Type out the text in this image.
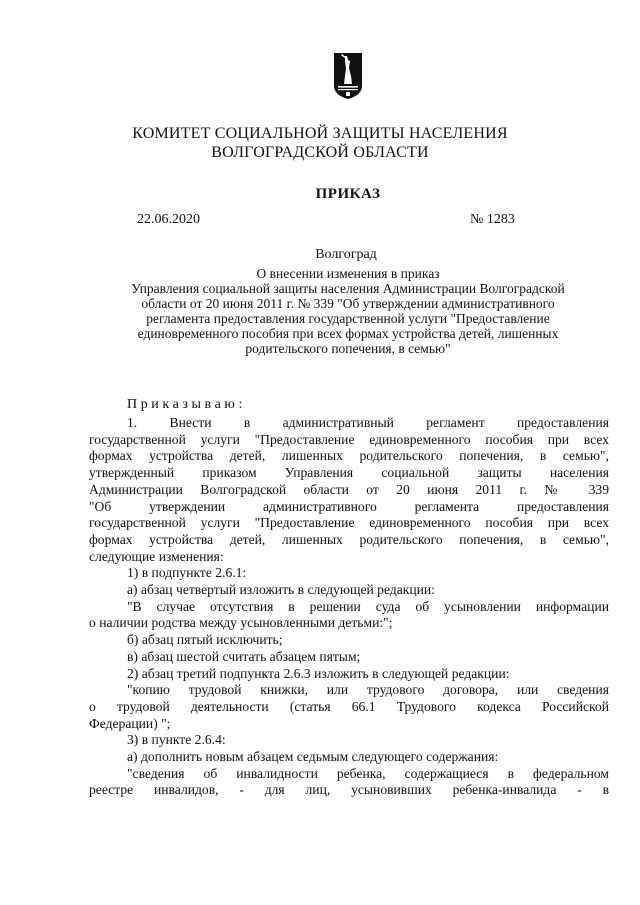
КОМИТЕТ СОЦИАЛЬНОЙ ЗАЩИТЫ НАСЕЛЕНИЯ
ВОЛГОГРАДСКОЙ ОБЛАСТИ
ПРИКАЗ
22.06.2020	№ 1283
Волгоград
О внесении изменения в приказ
Управления социальной защиты населения Администрации Волгоградской
области от 20 июня 2011 г. № 339 "Об утверждении административного
регламента предоставления государственной услуги "Предоставление
единовременного пособия при всех формах устройства детей, лишенных
родительского попечения, в семью"
Приказываю:
1. Внести в административный регламент предоставления
государственной услуги "Предоставление единовременного пособия при всех
формах устройства детей, лишенных родительского попечения, в семью",
утвержденный приказом Управления социальной защиты населения
Администрации Волгоградской области от 20 июня 2011 г. № 339
"Об утверждении административного регламента предоставления
государственной услуги "Предоставление единовременного пособия при всех
формах устройства детей, лишенных родительского попечения, в семью",
следующие изменения:
1) в подпункте 2.6.1:
а) абзац четвертый изложить в следующей редакции:
"В случае отсутствия в решении суда об усыновлении информации
о наличии родства между усыновленными детьми:";
б) абзац пятый исключить;
в) абзац шестой считать абзацем пятым;
2) абзац третий подпункта 2.6.3 изложить в следующей редакции:
"копию трудовой книжки, или трудового договора, или сведения
о трудовой деятельности (статья 66.1 Трудового кодекса Российской
Федерации) ";
3) в пункте 2.6.4:
а) дополнить новым абзацем седьмым следующего содержания:
"сведения об инвалидности ребенка, содержащиеся в федеральном
реестре инвалидов, - для лиц, усыновивших ребенка-инвалида - в
